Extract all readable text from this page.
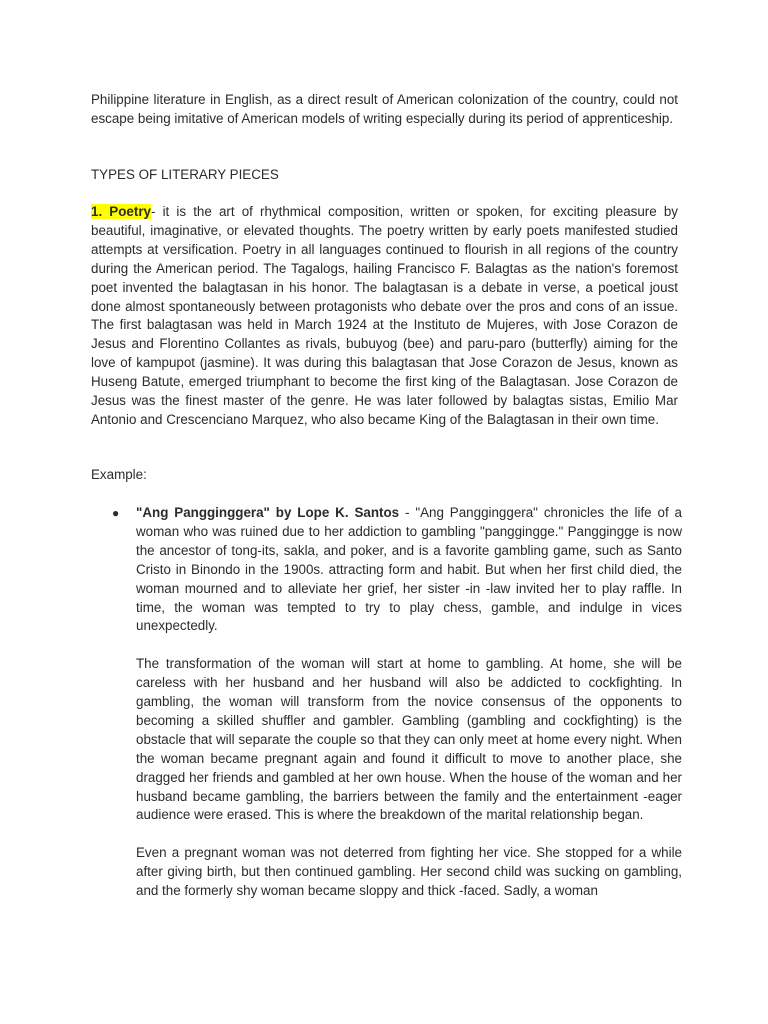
Philippine literature in English, as a direct result of American colonization of the country, could not escape being imitative of American models of writing especially during its period of apprenticeship.

TYPES OF LITERARY PIECES

1. Poetry- it is the art of rhythmical composition, written or spoken, for exciting pleasure by beautiful, imaginative, or elevated thoughts. The poetry written by early poets manifested studied attempts at versification. Poetry in all languages continued to flourish in all regions of the country during the American period. The Tagalogs, hailing Francisco F. Balagtas as the nation's foremost poet invented the balagtasan in his honor. The balagtasan is a debate in verse, a poetical joust done almost spontaneously between protagonists who debate over the pros and cons of an issue. The first balagtasan was held in March 1924 at the Instituto de Mujeres, with Jose Corazon de Jesus and Florentino Collantes as rivals, bubuyog (bee) and paru-paro (butterfly) aiming for the love of kampupot (jasmine). It was during this balagtasan that Jose Corazon de Jesus, known as Huseng Batute, emerged triumphant to become the first king of the Balagtasan. Jose Corazon de Jesus was the finest master of the genre. He was later followed by balagtas sistas, Emilio Mar Antonio and Crescenciano Marquez, who also became King of the Balagtasan in their own time.

Example:

● "Ang Pangginggera" by Lope K. Santos - "Ang Pangginggera" chronicles the life of a woman who was ruined due to her addiction to gambling "panggingge." Panggingge is now the ancestor of tong-its, sakla, and poker, and is a favorite gambling game, such as Santo Cristo in Binondo in the 1900s. attracting form and habit. But when her first child died, the woman mourned and to alleviate her grief, her sister -in -law invited her to play raffle. In time, the woman was tempted to try to play chess, gamble, and indulge in vices unexpectedly.

The transformation of the woman will start at home to gambling. At home, she will be careless with her husband and her husband will also be addicted to cockfighting. In gambling, the woman will transform from the novice consensus of the opponents to becoming a skilled shuffler and gambler. Gambling (gambling and cockfighting) is the obstacle that will separate the couple so that they can only meet at home every night. When the woman became pregnant again and found it difficult to move to another place, she dragged her friends and gambled at her own house. When the house of the woman and her husband became gambling, the barriers between the family and the entertainment -eager audience were erased. This is where the breakdown of the marital relationship began.

Even a pregnant woman was not deterred from fighting her vice. She stopped for a while after giving birth, but then continued gambling. Her second child was sucking on gambling, and the formerly shy woman became sloppy and thick -faced. Sadly, a woman
